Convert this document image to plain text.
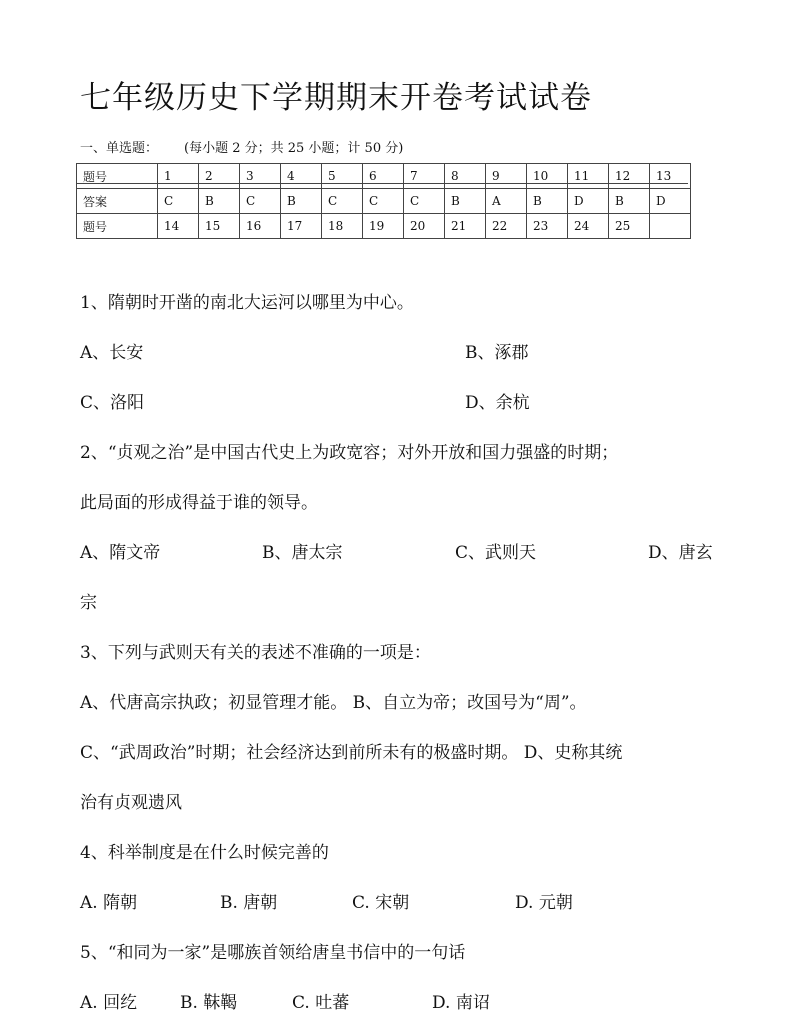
七年级历史下学期期末开卷考试试卷
一、单选题： (每小题 2 分；共 25 小题；计 50 分)
题号	1	2	3	4	5	6	7	8	9	10	11	12	13
答案	C	B	C	B	C	C	C	B	A	B	D	B	D
题号	14	15	16	17	18	19	20	21	22	23	24	25	
1、隋朝时开凿的南北大运河以哪里为中心。
A、长安	B、涿郡
C、洛阳	D、余杭
2、“贞观之治”是中国古代史上为政宽容；对外开放和国力强盛的时期；
此局面的形成得益于谁的领导。
A、隋文帝	B、唐太宗	C、武则天	D、唐玄
宗
3、下列与武则天有关的表述不准确的一项是：
A、代唐高宗执政；初显管理才能。 B、自立为帝；改国号为“周”。
C、“武周政治”时期；社会经济达到前所未有的极盛时期。 D、史称其统
治有贞观遗风
4、科举制度是在什么时候完善的
A. 隋朝	B. 唐朝	C. 宋朝	D. 元朝
5、“和同为一家”是哪族首领给唐皇书信中的一句话
A. 回纥	B. 靺鞨	C. 吐蕃	D. 南诏
